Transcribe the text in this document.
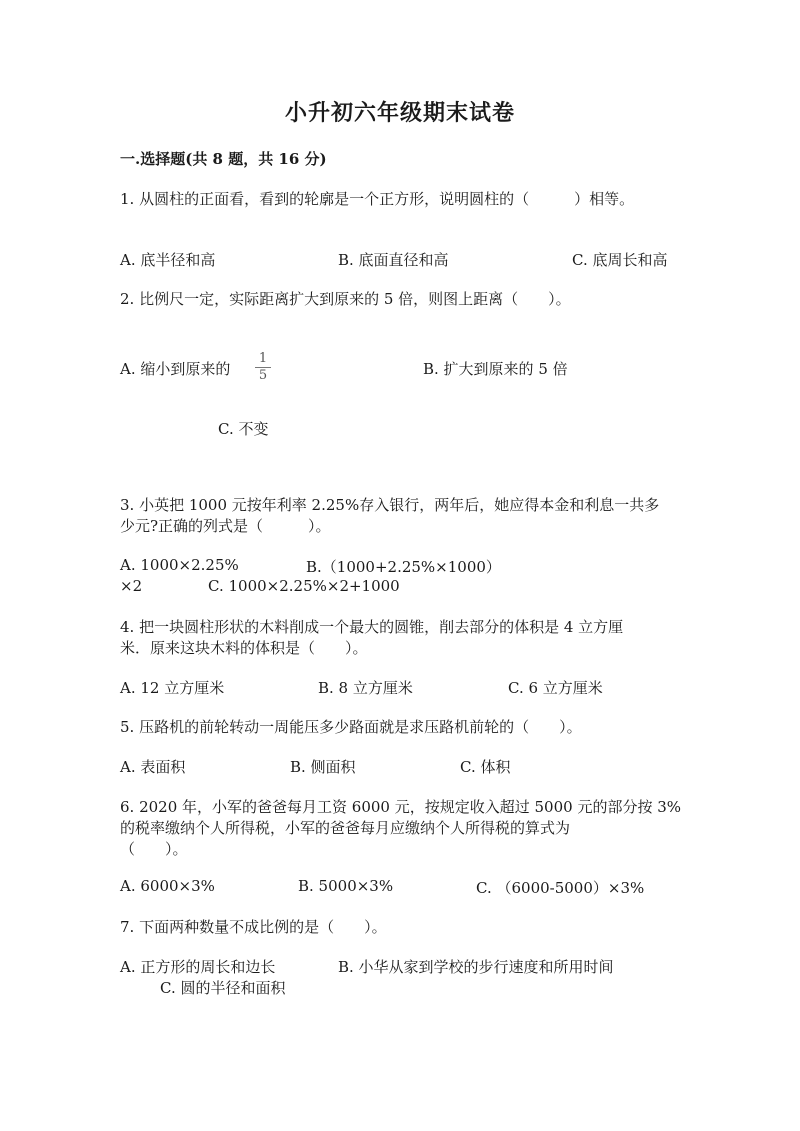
小升初六年级期末试卷
一.选择题(共 8 题，共 16 分)
1. 从圆柱的正面看，看到的轮廓是一个正方形，说明圆柱的（　　　）相等。
A. 底半径和高	B. 底面直径和高	C. 底周长和高
2. 比例尺一定，实际距离扩大到原来的 5 倍，则图上距离（　　）。
A. 缩小到原来的
1
5	B. 扩大到原来的 5 倍
C. 不变
3. 小英把 1000 元按年利率 2.25%存入银行，两年后，她应得本金和利息一共多
少元?正确的列式是（　　　）。
A. 1000×2.25%	B.（1000+2.25%×1000）
×2	C. 1000×2.25%×2+1000
4. 把一块圆柱形状的木料削成一个最大的圆锥，削去部分的体积是 4 立方厘
米．原来这块木料的体积是（　　）。
A. 12 立方厘米	B. 8 立方厘米	C. 6 立方厘米
5. 压路机的前轮转动一周能压多少路面就是求压路机前轮的（　　）。
A. 表面积	B. 侧面积	C. 体积
6. 2020 年，小军的爸爸每月工资 6000 元，按规定收入超过 5000 元的部分按 3%
的税率缴纳个人所得税，小军的爸爸每月应缴纳个人所得税的算式为
（　　）。
A. 6000×3%	B. 5000×3%	C. （6000-5000）×3%
7. 下面两种数量不成比例的是（　　）。
A. 正方形的周长和边长	B. 小华从家到学校的步行速度和所用时间
C. 圆的半径和面积
